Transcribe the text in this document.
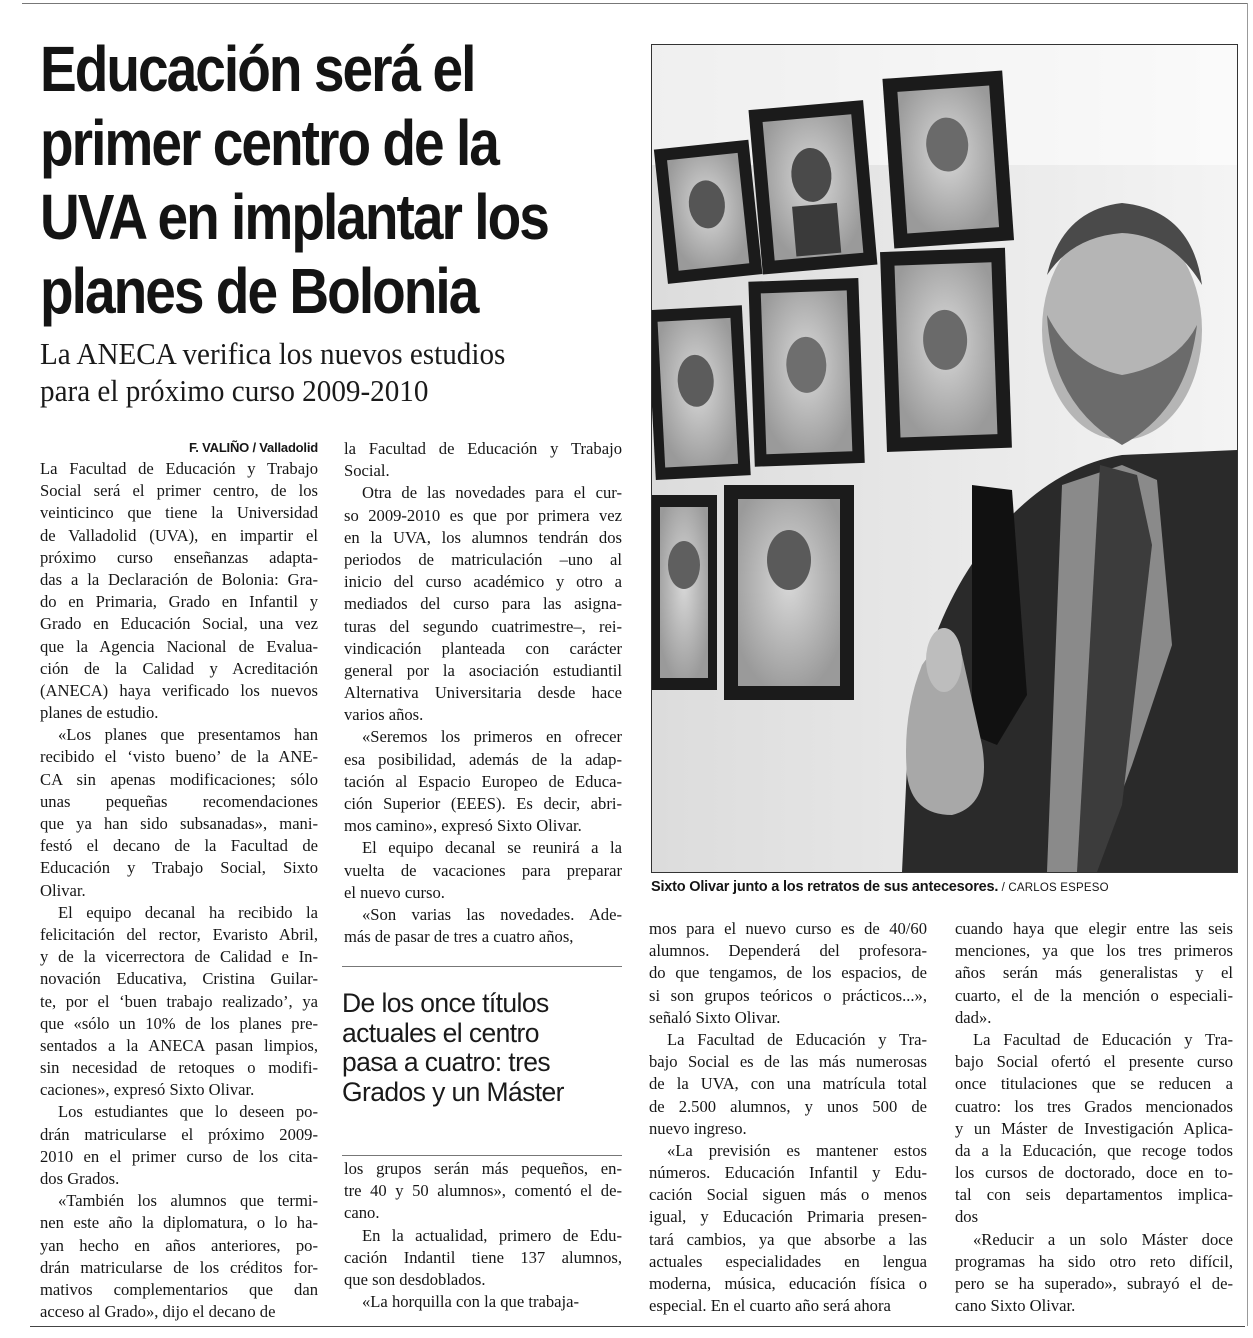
Educación será el
primer centro de la
UVA en implantar los
planes de Bolonia
La ANECA verifica los nuevos estudios
para el próximo curso 2009-2010
F. VALIÑO / Valladolid
La Facultad de Educación y Trabajo
Social será el primer centro, de los
veinticinco que tiene la Universidad
de Valladolid (UVA), en impartir el
próximo curso enseñanzas adapta-
das a la Declaración de Bolonia: Gra-
do en Primaria, Grado en Infantil y
Grado en Educación Social, una vez
que la Agencia Nacional de Evalua-
ción de la Calidad y Acreditación
(ANECA) haya verificado los nuevos
planes de estudio.
«Los planes que presentamos han
recibido el ‘visto bueno’ de la ANE-
CA sin apenas modificaciones; sólo
unas pequeñas recomendaciones
que ya han sido subsanadas», mani-
festó el decano de la Facultad de
Educación y Trabajo Social, Sixto
Olivar.
El equipo decanal ha recibido la
felicitación del rector, Evaristo Abril,
y de la vicerrectora de Calidad e In-
novación Educativa, Cristina Guilar-
te, por el ‘buen trabajo realizado’, ya
que «sólo un 10% de los planes pre-
sentados a la ANECA pasan limpios,
sin necesidad de retoques o modifi-
caciones», expresó Sixto Olivar.
Los estudiantes que lo deseen po-
drán matricularse el próximo 2009-
2010 en el primer curso de los cita-
dos Grados.
«También los alumnos que termi-
nen este año la diplomatura, o lo ha-
yan hecho en años anteriores, po-
drán matricularse de los créditos for-
mativos complementarios que dan
acceso al Grado», dijo el decano de
la Facultad de Educación y Trabajo
Social.
Otra de las novedades para el cur-
so 2009-2010 es que por primera vez
en la UVA, los alumnos tendrán dos
periodos de matriculación –uno al
inicio del curso académico y otro a
mediados del curso para las asigna-
turas del segundo cuatrimestre–, rei-
vindicación planteada con carácter
general por la asociación estudiantil
Alternativa Universitaria desde hace
varios años.
«Seremos los primeros en ofrecer
esa posibilidad, además de la adap-
tación al Espacio Europeo de Educa-
ción Superior (EEES). Es decir, abri-
mos camino», expresó Sixto Olivar.
El equipo decanal se reunirá a la
vuelta de vacaciones para preparar
el nuevo curso.
«Son varias las novedades. Ade-
más de pasar de tres a cuatro años,
los grupos serán más pequeños, en-
tre 40 y 50 alumnos», comentó el de-
cano.
En la actualidad, primero de Edu-
cación Indantil tiene 137 alumnos,
que son desdoblados.
«La horquilla con la que trabaja-
mos para el nuevo curso es de 40/60
alumnos. Dependerá del profesora-
do que tengamos, de los espacios, de
si son grupos teóricos o prácticos...»,
señaló Sixto Olivar.
La Facultad de Educación y Tra-
bajo Social es de las más numerosas
de la UVA, con una matrícula total
de 2.500 alumnos, y unos 500 de
nuevo ingreso.
«La previsión es mantener estos
números. Educación Infantil y Edu-
cación Social siguen más o menos
igual, y Educación Primaria presen-
tará cambios, ya que absorbe a las
actuales especialidades en lengua
moderna, música, educación física o
especial. En el cuarto año será ahora
cuando haya que elegir entre las seis
menciones, ya que los tres primeros
años serán más generalistas y el
cuarto, el de la mención o especiali-
dad».
La Facultad de Educación y Tra-
bajo Social ofertó el presente curso
once titulaciones que se reducen a
cuatro: los tres Grados mencionados
y un Máster de Investigación Aplica-
da a la Educación, que recoge todos
los cursos de doctorado, doce en to-
tal con seis departamentos implica-
dos
«Reducir a un solo Máster doce
programas ha sido otro reto difícil,
pero se ha superado», subrayó el de-
cano Sixto Olivar.
De los once títulos
actuales el centro
pasa a cuatro: tres
Grados y un Máster
Sixto Olivar junto a los retratos de sus antecesores. / CARLOS ESPESO
